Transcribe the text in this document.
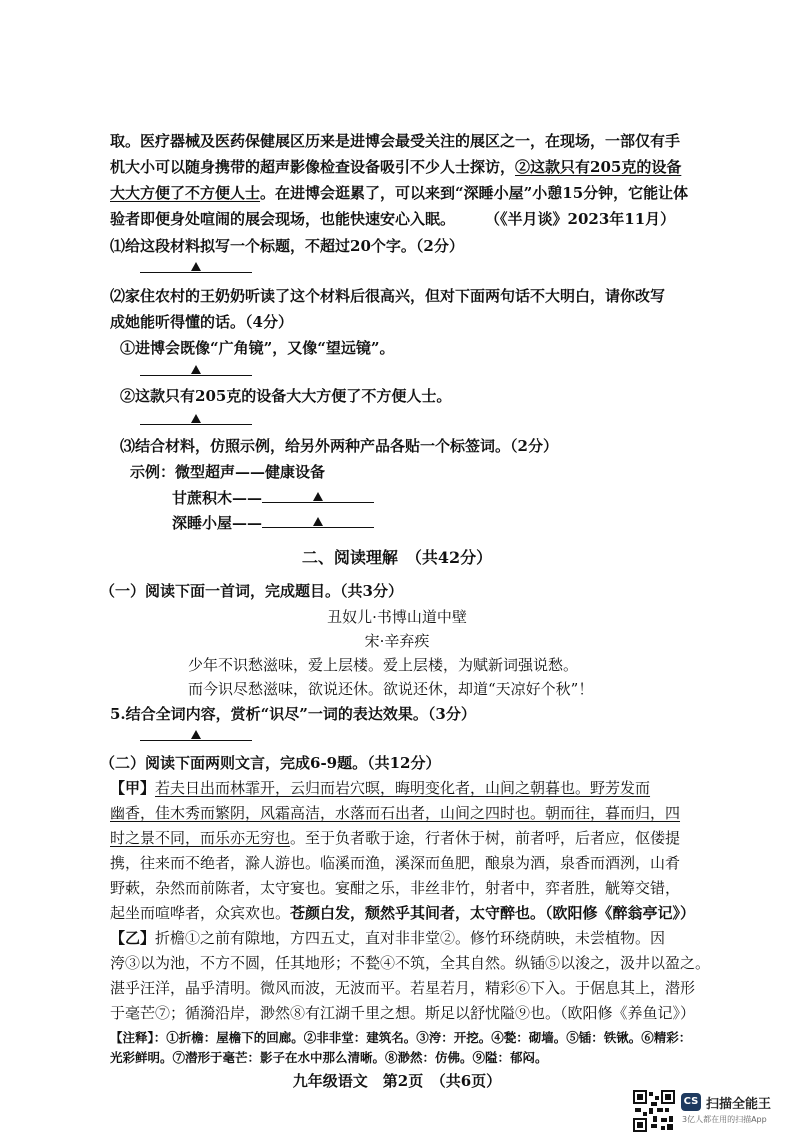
取。医疗器械及医药保健展区历来是进博会最受关注的展区之一，在现场，一部仅有手
机大小可以随身携带的超声影像检查设备吸引不少人士探访，②这款只有205克的设备
大大方便了不方便人士。在进博会逛累了，可以来到“深睡小屋”小憩15分钟，它能让体
验者即便身处喧闹的展会现场，也能快速安心入眠。 （《半月谈》2023年11月）
⑴给这段材料拟写一个标题，不超过20个字。（2分）
⑵家住农村的王奶奶听读了这个材料后很高兴，但对下面两句话不大明白，请你改写
成她能听得懂的话。（4分）
①进博会既像“广角镜”，又像“望远镜”。
②这款只有205克的设备大大方便了不方便人士。
⑶结合材料，仿照示例，给另外两种产品各贴一个标签词。（2分）
示例：微型超声——健康设备
甘蔗积木——
深睡小屋——
二、阅读理解　（共42分）
（一）阅读下面一首词，完成题目。（共3分）
丑奴儿·书博山道中壁
宋·辛弃疾
少年不识愁滋味，爱上层楼。爱上层楼，为赋新词强说愁。
而今识尽愁滋味，欲说还休。欲说还休，却道“天凉好个秋”！
5.结合全词内容，赏析“识尽”一词的表达效果。（3分）
（二）阅读下面两则文言，完成6-9题。（共12分）
【甲】若夫日出而林霏开，云归而岩穴暝，晦明变化者，山间之朝暮也。野芳发而
幽香，佳木秀而繁阴，风霜高洁，水落而石出者，山间之四时也。朝而往，暮而归，四
时之景不同，而乐亦无穷也。至于负者歌于途，行者休于树，前者呼，后者应，伛偻提
携，往来而不绝者，滁人游也。临溪而渔，溪深而鱼肥，酿泉为酒，泉香而酒洌，山肴
野蔌，杂然而前陈者，太守宴也。宴酣之乐，非丝非竹，射者中，弈者胜，觥筹交错，
起坐而喧哗者，众宾欢也。苍颜白发，颓然乎其间者，太守醉也。（欧阳修《醉翁亭记》）
【乙】折檐①之前有隙地，方四五丈，直对非非堂②。修竹环绕荫映，未尝植物。因
洿③以为池，不方不圆，任其地形；不甃④不筑，全其自然。纵锸⑤以浚之，汲井以盈之。
湛乎汪洋，晶乎清明。微风而波，无波而平。若星若月，精彩⑥下入。于倨息其上，潜形
于毫芒⑦；循漪沿岸，渺然⑧有江湖千里之想。斯足以舒忧隘⑨也。（欧阳修《养鱼记》）
【注释】：①折檐：屋檐下的回廊。②非非堂：建筑名。③洿：开挖。④甃：砌墙。⑤锸：铁锹。⑥精彩：
光彩鲜明。⑦潜形于毫芒：影子在水中那么清晰。⑧渺然：仿佛。⑨隘：郁闷。
九年级语文　第2页　（共6页）
CS 扫描全能王
3亿人都在用的扫描App
